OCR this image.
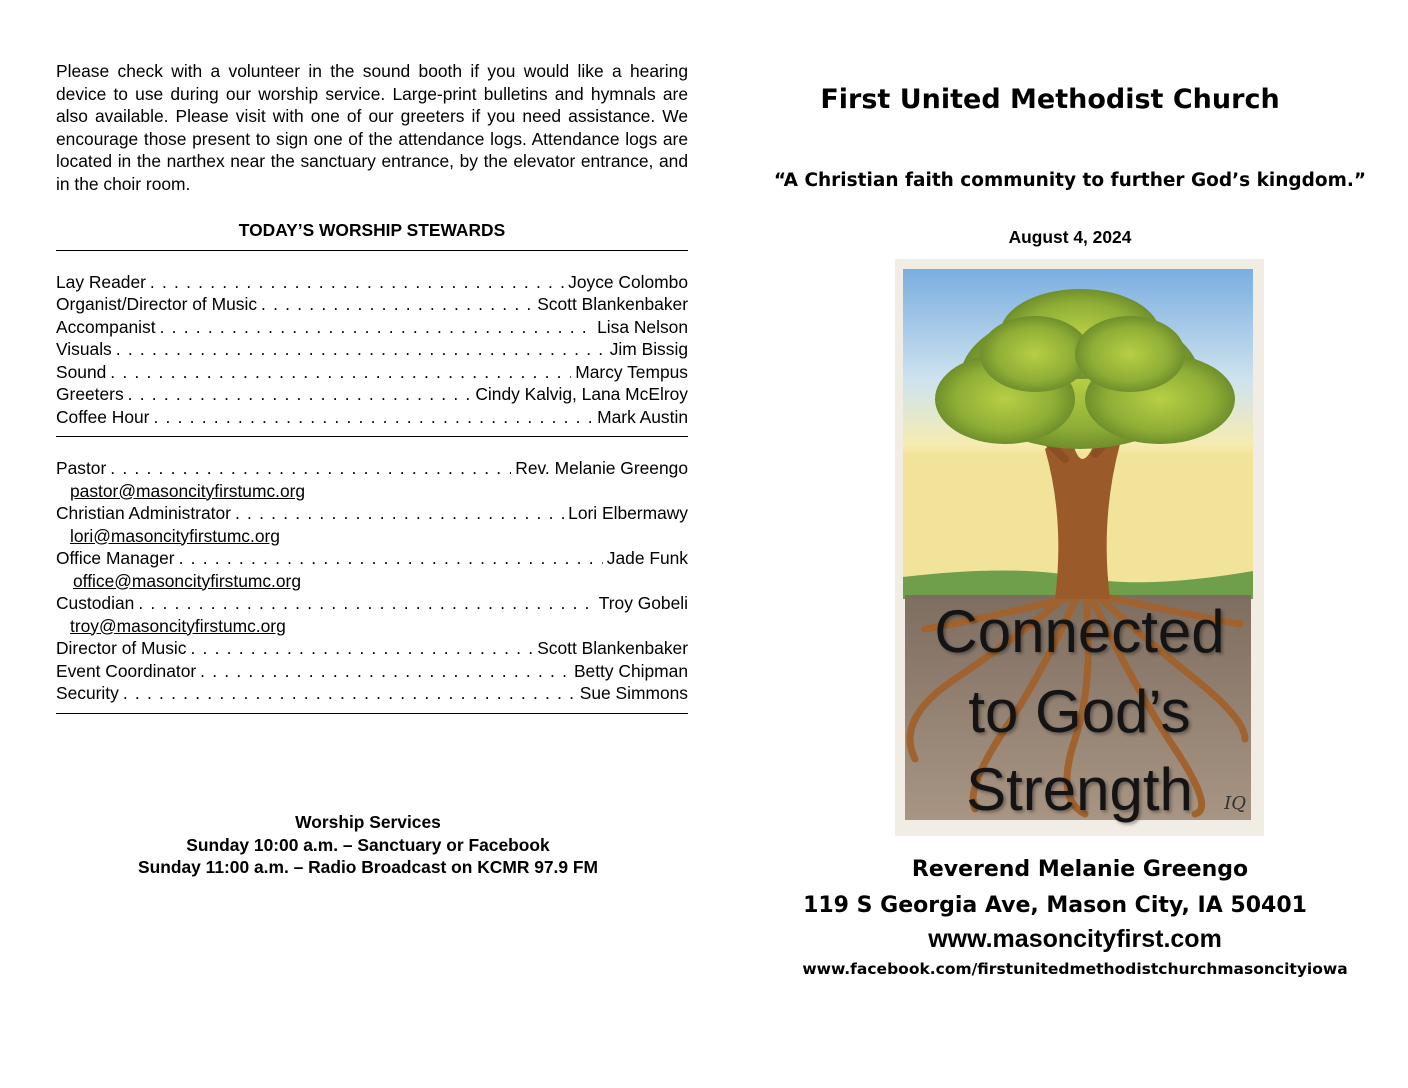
Please check with a volunteer in the sound booth if you would like a hearing device to use during our worship service. Large-print bulletins and hymnals are also available. Please visit with one of our greeters if you need assistance. We encourage those present to sign one of the attendance logs. Attendance logs are located in the narthex near the sanctuary entrance, by the elevator entrance, and in the choir room.

TODAY’S WORSHIP STEWARDS
Lay Reader . . .	Joyce Colombo
Organist/Director of Music . . .	Scott Blankenbaker
Accompanist . . .	Lisa Nelson
Visuals . . .	Jim Bissig
Sound . . .	Marcy Tempus
Greeters . . .	Cindy Kalvig, Lana McElroy
Coffee Hour . . .	Mark Austin
Pastor . . .	Rev. Melanie Greengo
pastor@masoncityfirstumc.org
Christian Administrator . . .	Lori Elbermawy
lori@masoncityfirstumc.org
Office Manager . . .	Jade Funk
office@masoncityfirstumc.org
Custodian . . .	Troy Gobeli
troy@masoncityfirstumc.org
Director of Music . . .	Scott Blankenbaker
Event Coordinator . . .	Betty Chipman
Security . . .	Sue Simmons
Worship Services
Sunday 10:00 a.m. – Sanctuary or Facebook
Sunday 11:00 a.m. – Radio Broadcast on KCMR 97.9 FM
First United Methodist Church
“A Christian faith community to further God’s kingdom.”
August 4, 2024
Connected
to God’s
Strength	IQ
Reverend Melanie Greengo
119 S Georgia Ave, Mason City, IA 50401
www.masoncityfirst.com
www.facebook.com/firstunitedmethodistchurchmasoncityiowa
